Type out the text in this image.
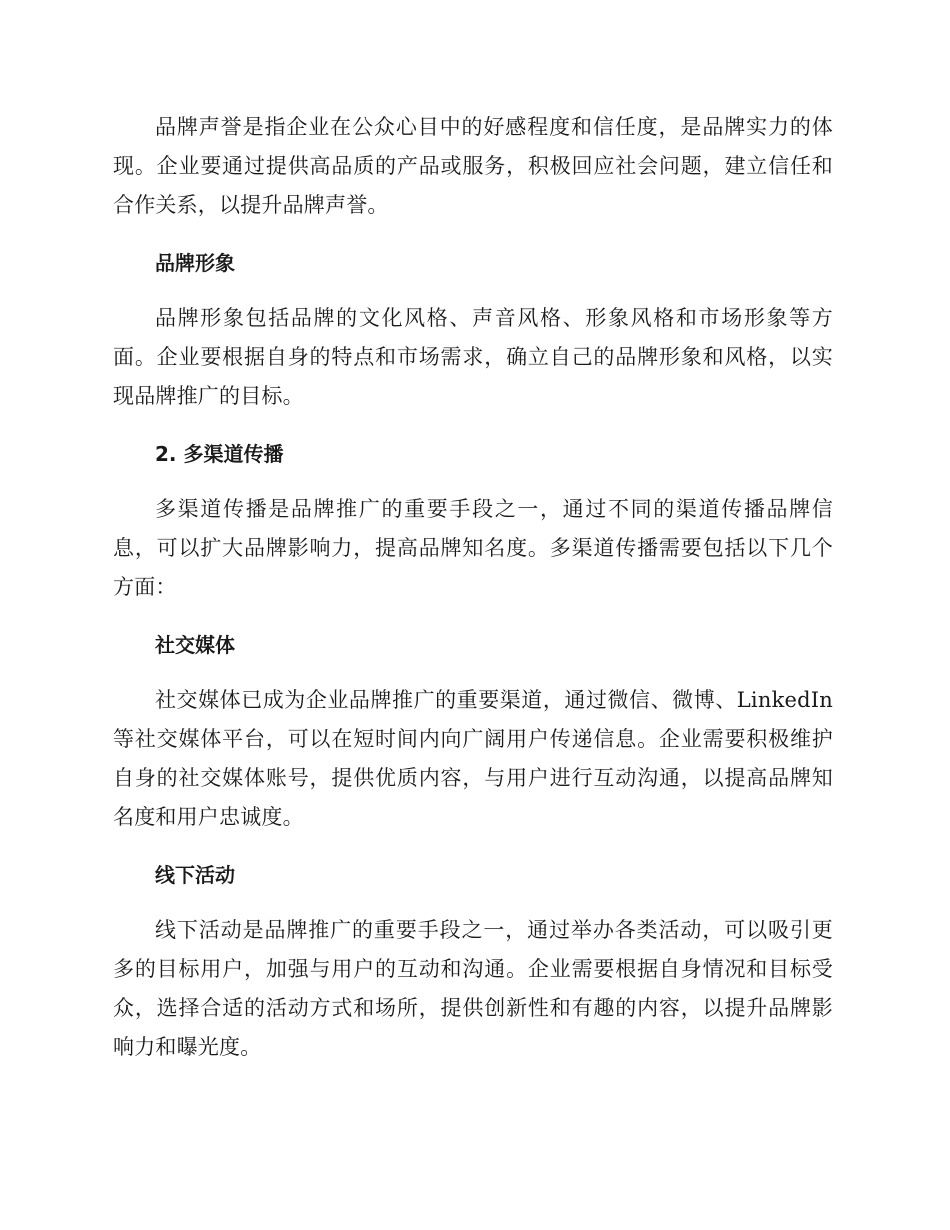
品牌声誉是指企业在公众心目中的好感程度和信任度，是品牌实力的体现。企业要通过提供高品质的产品或服务，积极回应社会问题，建立信任和合作关系，以提升品牌声誉。

品牌形象

品牌形象包括品牌的文化风格、声音风格、形象风格和市场形象等方面。企业要根据自身的特点和市场需求，确立自己的品牌形象和风格，以实现品牌推广的目标。

2. 多渠道传播

多渠道传播是品牌推广的重要手段之一，通过不同的渠道传播品牌信息，可以扩大品牌影响力，提高品牌知名度。多渠道传播需要包括以下几个方面：

社交媒体

社交媒体已成为企业品牌推广的重要渠道，通过微信、微博、LinkedIn等社交媒体平台，可以在短时间内向广阔用户传递信息。企业需要积极维护自身的社交媒体账号，提供优质内容，与用户进行互动沟通，以提高品牌知名度和用户忠诚度。

线下活动

线下活动是品牌推广的重要手段之一，通过举办各类活动，可以吸引更多的目标用户，加强与用户的互动和沟通。企业需要根据自身情况和目标受众，选择合适的活动方式和场所，提供创新性和有趣的内容，以提升品牌影响力和曝光度。
